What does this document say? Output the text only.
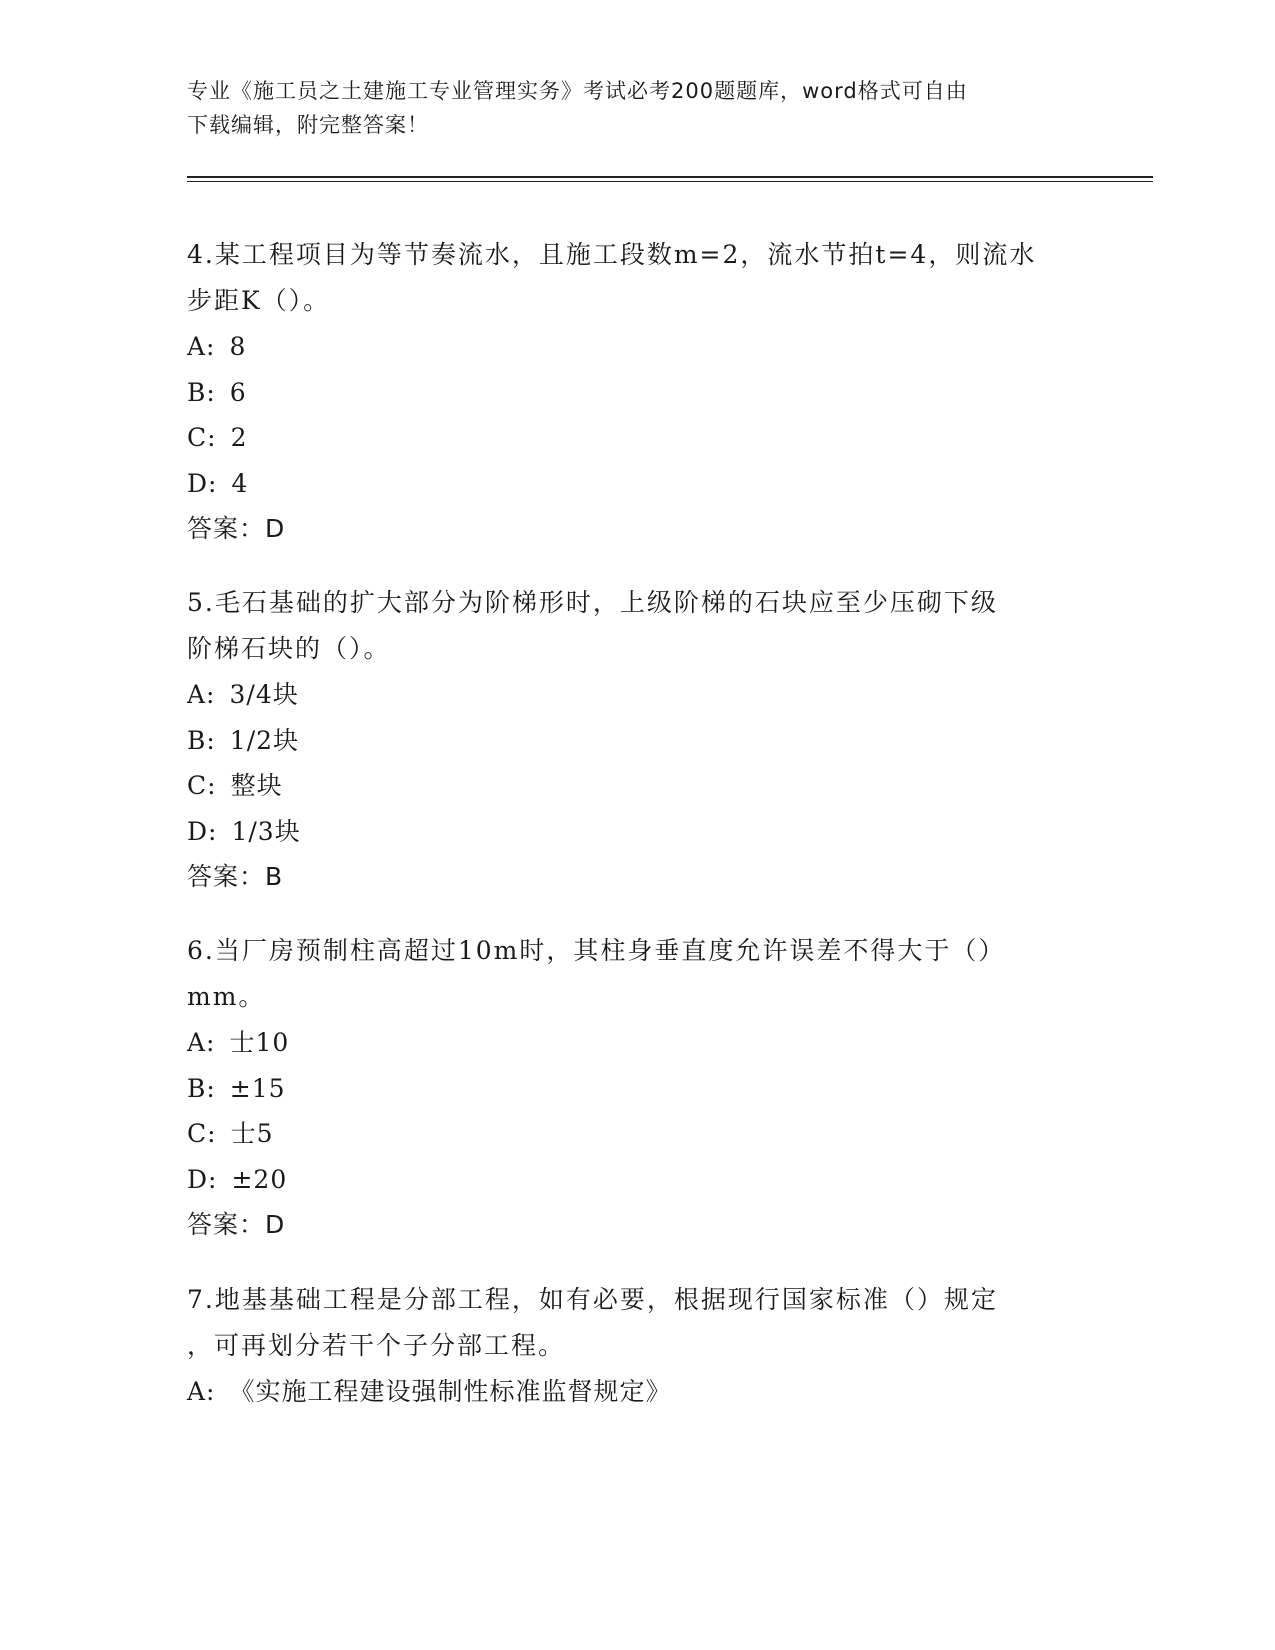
专业《施工员之土建施工专业管理实务》考试必考200题题库，word格式可自由
下载编辑，附完整答案！
4.某工程项目为等节奏流水，且施工段数m=2，流水节拍t=4，则流水
步距K（）。
A: 8
B: 6
C: 2
D: 4
答案：D
5.毛石基础的扩大部分为阶梯形时，上级阶梯的石块应至少压砌下级
阶梯石块的（）。
A: 3/4块
B: 1/2块
C: 整块
D: 1/3块
答案：B
6.当厂房预制柱高超过10m时，其柱身垂直度允许误差不得大于（）
mm。
A: 士10
B: ±15
C: 士5
D: ±20
答案：D
7.地基基础工程是分部工程，如有必要，根据现行国家标准（）规定
，可再划分若干个子分部工程。
A: 《实施工程建设强制性标准监督规定》
